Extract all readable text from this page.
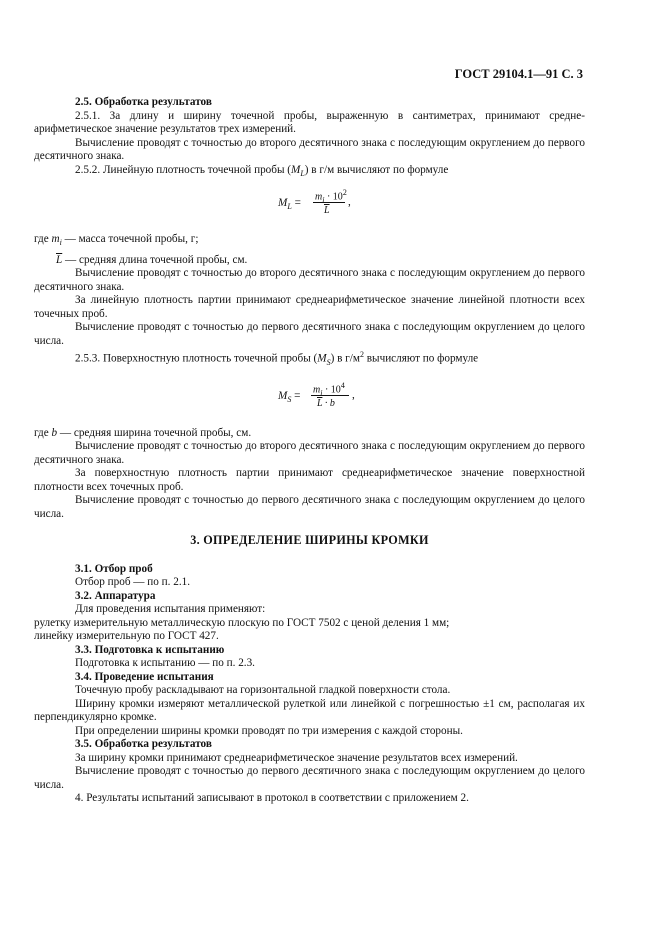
ГОСТ 29104.1—91 С. 3

2.5. Обработка результатов

2.5.1. За длину и ширину точечной пробы, выраженную в сантиметрах, принимают среднеарифметическое значение результатов трех измерений.

Вычисление проводят с точностью до второго десятичного знака с последующим округлением до первого десятичного знака.

2.5.2. Линейную плотность точечной пробы $(M_L)$ в г/м вычисляют по формуле

$M_L$ =
$m_i \cdot 10^2$
$\overline{L}$
,

где $m_i$ — масса точечной пробы, г;

$\overline{L}$ — средняя длина точечной пробы, см.

Вычисление проводят с точностью до второго десятичного знака с последующим округлением до первого десятичного знака.

За линейную плотность партии принимают среднеарифметическое значение линейной плотности всех точечных проб.

Вычисление проводят с точностью до первого десятичного знака с последующим округлением до целого числа.

2.5.3. Поверхностную плотность точечной пробы $(M_S)$ в $г/м^2$ вычисляют по формуле

$M_S$ =
$m_i \cdot 10^4$
$\overline{L} \cdot b$
,

где b — средняя ширина точечной пробы, см.

Вычисление проводят с точностью до второго десятичного знака с последующим округлением до первого десятичного знака.

За поверхностную плотность партии принимают среднеарифметическое значение поверхностной плотности всех точечных проб.

Вычисление проводят с точностью до первого десятичного знака с последующим округлением до целого числа.

3. ОПРЕДЕЛЕНИЕ ШИРИНЫ КРОМКИ

3.1. Отбор проб

Отбор проб — по п. 2.1.

3.2. Аппаратура

Для проведения испытания применяют:

рулетку измерительную металлическую плоскую по ГОСТ 7502 с ценой деления 1 мм;

линейку измерительную по ГОСТ 427.

3.3. Подготовка к испытанию

Подготовка к испытанию — по п. 2.3.

3.4. Проведение испытания

Точечную пробу раскладывают на горизонтальной гладкой поверхности стола.

Ширину кромки измеряют металлической рулеткой или линейкой с погрешностью ±1 см, располагая их перпендикулярно кромке.

При определении ширины кромки проводят по три измерения с каждой стороны.

3.5. Обработка результатов

За ширину кромки принимают среднеарифметическое значение результатов всех измерений.

Вычисление проводят с точностью до первого десятичного знака с последующим округлением до целого числа.

4. Результаты испытаний записывают в протокол в соответствии с приложением 2.
